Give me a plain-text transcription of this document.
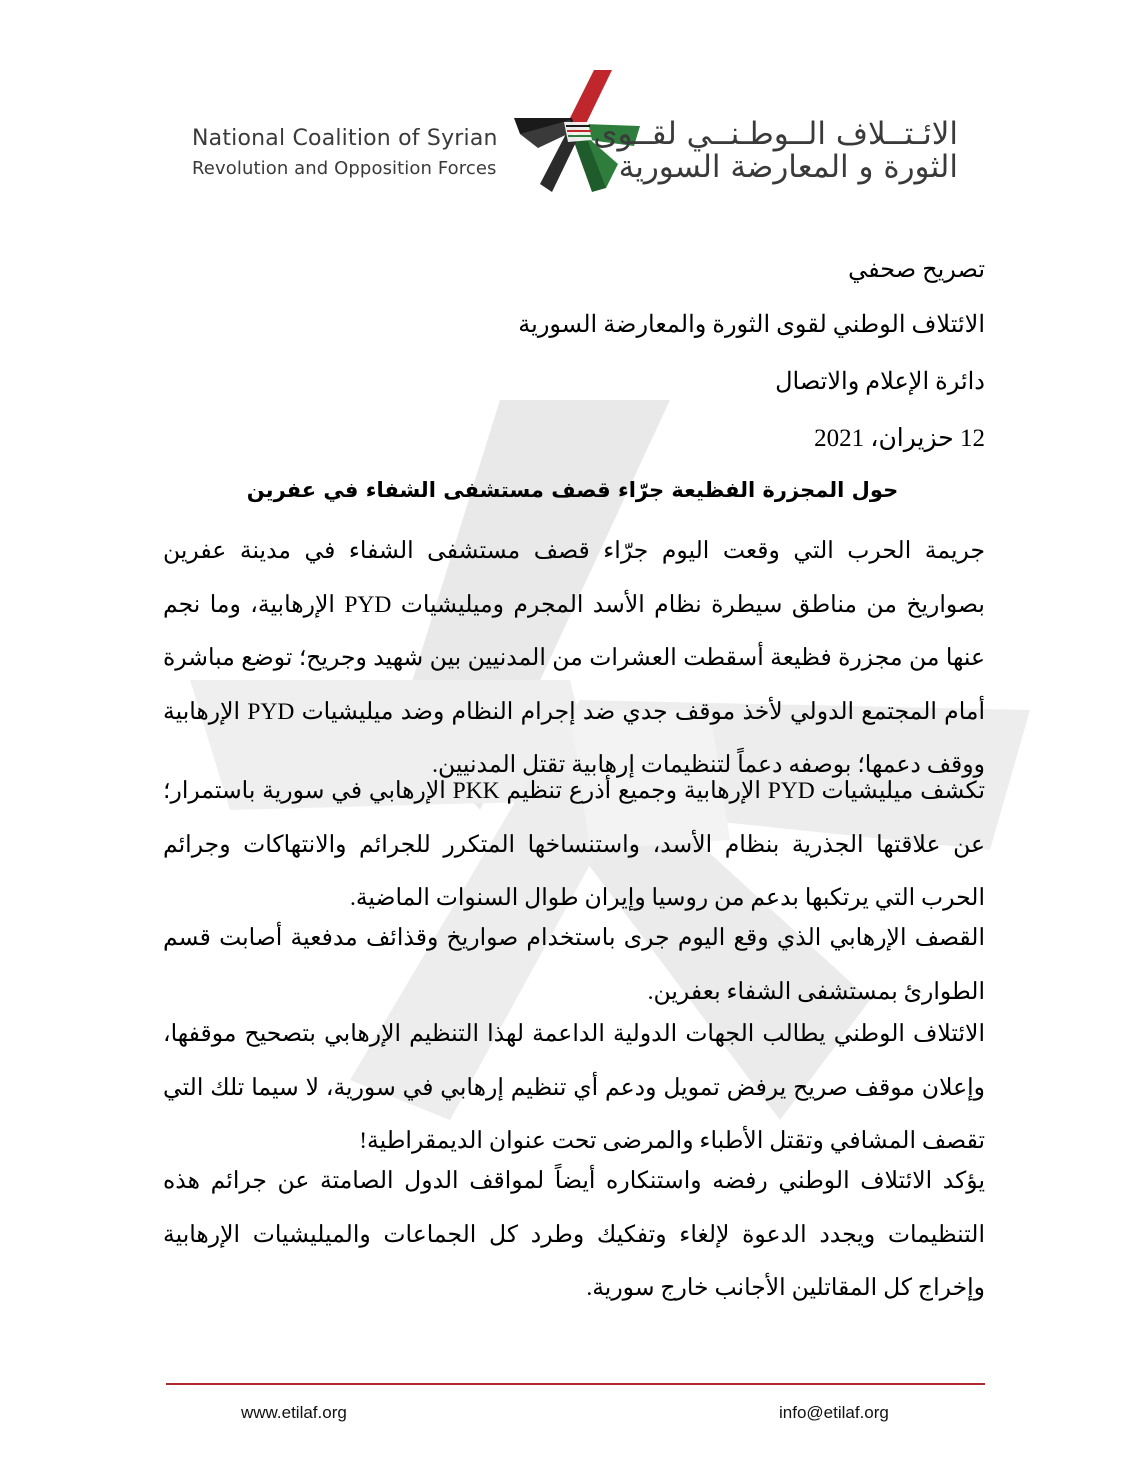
National Coalition of Syrian
Revolution and Opposition Forces
الائـتــلاف الــوطـنــي لقــوى
الثورة و المعارضة السورية
تصريح صحفي
الائتلاف الوطني لقوى الثورة والمعارضة السورية
دائرة الإعلام والاتصال
12 حزيران، 2021
حول المجزرة الفظيعة جرّاء قصف مستشفى الشفاء في عفرين

جريمة الحرب التي وقعت اليوم جرّاء قصف مستشفى الشفاء في مدينة عفرين بصواريخ من مناطق سيطرة نظام الأسد المجرم وميليشيات PYD الإرهابية، وما نجم عنها من مجزرة فظيعة أسقطت العشرات من المدنيين بين شهيد وجريح؛ توضع مباشرة أمام المجتمع الدولي لأخذ موقف جدي ضد إجرام النظام وضد ميليشيات PYD الإرهابية ووقف دعمها؛ بوصفه دعماً لتنظيمات إرهابية تقتل المدنيين.

تكشف ميليشيات PYD الإرهابية وجميع أذرع تنظيم PKK الإرهابي في سورية باستمرار؛ عن علاقتها الجذرية بنظام الأسد، واستنساخها المتكرر للجرائم والانتهاكات وجرائم الحرب التي يرتكبها بدعم من روسيا وإيران طوال السنوات الماضية.

القصف الإرهابي الذي وقع اليوم جرى باستخدام صواريخ وقذائف مدفعية أصابت قسم الطوارئ بمستشفى الشفاء بعفرين.

الائتلاف الوطني يطالب الجهات الدولية الداعمة لهذا التنظيم الإرهابي بتصحيح موقفها، وإعلان موقف صريح يرفض تمويل ودعم أي تنظيم إرهابي في سورية، لا سيما تلك التي تقصف المشافي وتقتل الأطباء والمرضى تحت عنوان الديمقراطية!

يؤكد الائتلاف الوطني رفضه واستنكاره أيضاً لمواقف الدول الصامتة عن جرائم هذه التنظيمات ويجدد الدعوة لإلغاء وتفكيك وطرد كل الجماعات والميليشيات الإرهابية وإخراج كل المقاتلين الأجانب خارج سورية.

www.etilaf.org	info@etilaf.org
